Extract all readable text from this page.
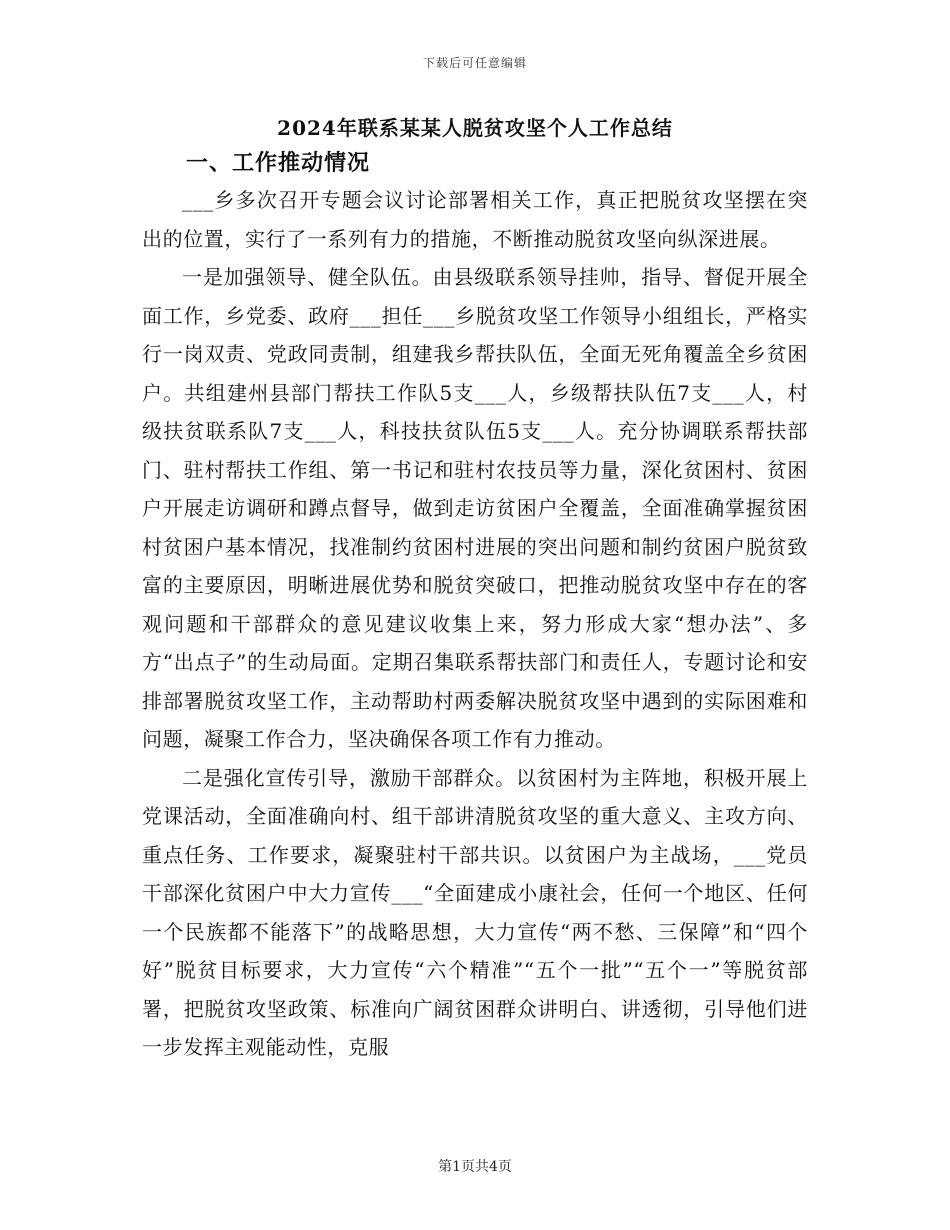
下载后可任意编辑
2024年联系某某人脱贫攻坚个人工作总结
一、工作推动情况

___乡多次召开专题会议讨论部署相关工作，真正把脱贫攻坚摆在突出的位置，实行了一系列有力的措施，不断推动脱贫攻坚向纵深进展。

一是加强领导、健全队伍。由县级联系领导挂帅，指导、督促开展全面工作，乡党委、政府___担任___乡脱贫攻坚工作领导小组组长，严格实行一岗双责、党政同责制，组建我乡帮扶队伍，全面无死角覆盖全乡贫困户。共组建州县部门帮扶工作队5支___人，乡级帮扶队伍7支___人，村级扶贫联系队7支___人，科技扶贫队伍5支___人。充分协调联系帮扶部门、驻村帮扶工作组、第一书记和驻村农技员等力量，深化贫困村、贫困户开展走访调研和蹲点督导，做到走访贫困户全覆盖，全面准确掌握贫困村贫困户基本情况，找准制约贫困村进展的突出问题和制约贫困户脱贫致富的主要原因，明晰进展优势和脱贫突破口，把推动脱贫攻坚中存在的客观问题和干部群众的意见建议收集上来，努力形成大家“想办法”、多方“出点子”的生动局面。定期召集联系帮扶部门和责任人，专题讨论和安排部署脱贫攻坚工作，主动帮助村两委解决脱贫攻坚中遇到的实际困难和问题，凝聚工作合力，坚决确保各项工作有力推动。

二是强化宣传引导，激励干部群众。以贫困村为主阵地，积极开展上党课活动，全面准确向村、组干部讲清脱贫攻坚的重大意义、主攻方向、重点任务、工作要求，凝聚驻村干部共识。以贫困户为主战场，___党员干部深化贫困户中大力宣传___“全面建成小康社会，任何一个地区、任何一个民族都不能落下”的战略思想，大力宣传“两不愁、三保障”和“四个好”脱贫目标要求，大力宣传“六个精准”“五个一批”“五个一”等脱贫部署，把脱贫攻坚政策、标准向广阔贫困群众讲明白、讲透彻，引导他们进一步发挥主观能动性，克服

第1页共4页
